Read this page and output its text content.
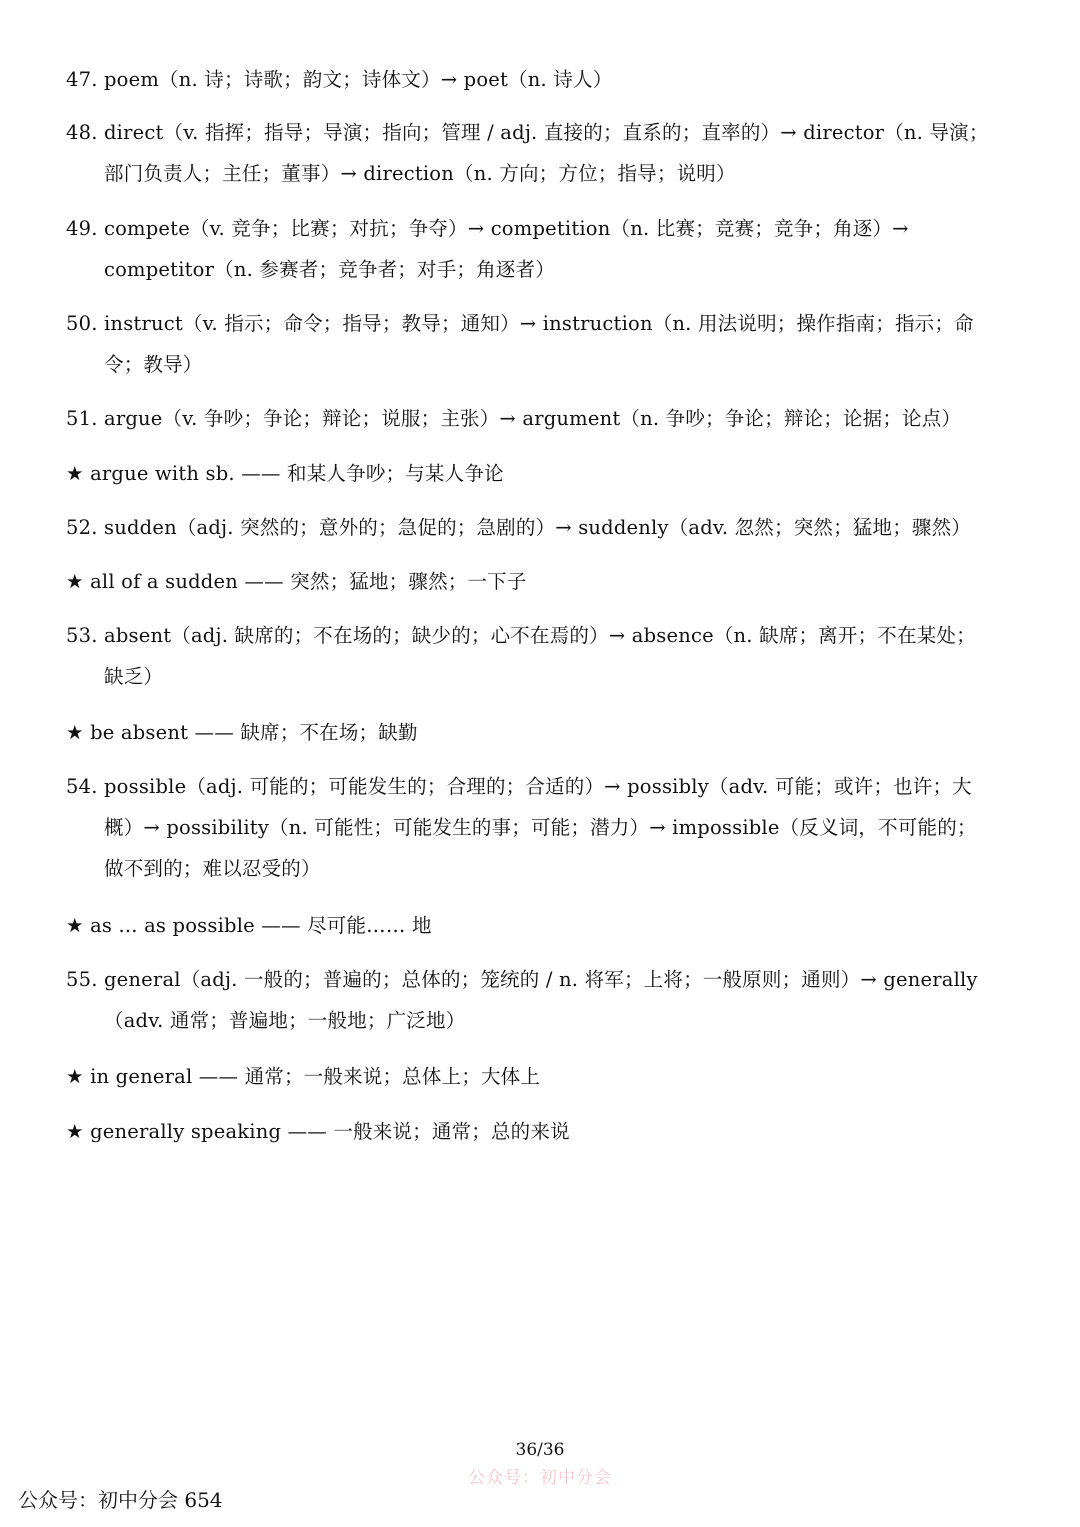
47. poem（n. 诗；诗歌；韵文；诗体文）→ poet（n. 诗人）
48. direct（v. 指挥；指导；导演；指向；管理 / adj. 直接的；直系的；直率的）→ director（n. 导演；
部门负责人；主任；董事）→ direction（n. 方向；方位；指导；说明）
49. compete（v. 竞争；比赛；对抗；争夺）→ competition（n. 比赛；竞赛；竞争；角逐）→
competitor（n. 参赛者；竞争者；对手；角逐者）
50. instruct（v. 指示；命令；指导；教导；通知）→ instruction（n. 用法说明；操作指南；指示；命
令；教导）
51. argue（v. 争吵；争论；辩论；说服；主张）→ argument（n. 争吵；争论；辩论；论据；论点）
★ argue with sb. —— 和某人争吵；与某人争论
52. sudden（adj. 突然的；意外的；急促的；急剧的）→ suddenly（adv. 忽然；突然；猛地；骤然）
★ all of a sudden —— 突然；猛地；骤然；一下子
53. absent（adj. 缺席的；不在场的；缺少的；心不在焉的）→ absence（n. 缺席；离开；不在某处；
缺乏）
★ be absent —— 缺席；不在场；缺勤
54. possible（adj. 可能的；可能发生的；合理的；合适的）→ possibly（adv. 可能；或许；也许；大
概）→ possibility（n. 可能性；可能发生的事；可能；潜力）→ impossible（反义词，不可能的；
做不到的；难以忍受的）
★ as ... as possible —— 尽可能…… 地
55. general（adj. 一般的；普遍的；总体的；笼统的 / n. 将军；上将；一般原则；通则）→ generally
（adv. 通常；普遍地；一般地；广泛地）
★ in general —— 通常；一般来说；总体上；大体上
★ generally speaking —— 一般来说；通常；总的来说
36/36
公众号：初中分会
公众号：初中分会 654
